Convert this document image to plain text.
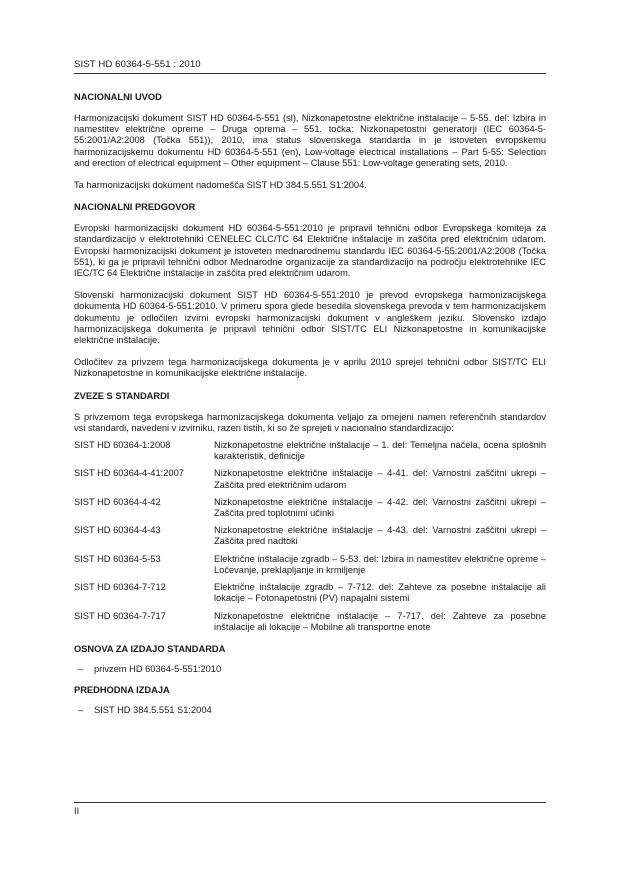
SIST HD 60364-5-551 : 2010
NACIONALNI UVOD

Harmonizacijski dokument SIST HD 60364-5-551 (sl), Nizkonapetostne električne inštalacije – 5-55. del: Izbira in namestitev električne opreme – Druga oprema – 551. točka: Nizkonapetostni generatorji (IEC 60364-5-55:2001/A2:2008 (Točka 551)), 2010, ima status slovenskega standarda in je istoveten evropskemu harmonizacijskemu dokumentu HD 60364-5-551 (en), Low-voltage electrical installations – Part 5-55: Selection and erection of electrical equipment – Other equipment – Clause 551: Low-voltage generating sets, 2010.

Ta harmonizacijski dokument nadomešča SIST HD 384.5.551 S1:2004.

NACIONALNI PREDGOVOR

Evropski harmonizacijski dokument HD 60364-5-551:2010 je pripravil tehnični odbor Evropskega komiteja za standardizacijo v elektrotehniki CENELEC CLC/TC 64 Električne inštalacije in zaščita pred električnim udarom. Evropski harmonizacijski dokument je istoveten mednarodnemu standardu IEC 60364-5-55:2001/A2:2008 (Točka 551), ki ga je pripravil tehnični odbor Mednarodne organizacije za standardizacijo na področju elektrotehnike IEC IEC/TC 64 Električne inštalacije in zaščita pred električnim udarom.

Slovenski harmonizacijski dokument SIST HD 60364-5-551:2010 je prevod evropskega harmonizacijskega dokumenta HD 60364-5-551:2010. V primeru spora glede besedila slovenskega prevoda v tem harmonizacijskem dokumentu je odločilen izvirni evropski harmonizacijski dokument v angleškem jeziku. Slovensko izdajo harmonizacijskega dokumenta je pripravil tehnični odbor SIST/TC ELI Nizkonapetostne in komunikacijske električne inštalacije.

Odločitev za privzem tega harmonizacijskega dokumenta je v aprilu 2010 sprejel tehnični odbor SIST/TC ELI Nizkonapetostne in komunikacijske električne inštalacije.

ZVEZE S STANDARDI

S privzemom tega evropskega harmonizacijskega dokumenta veljajo za omejeni namen referenčnih standardov vsi standardi, navedeni v izvirniku, razen tistih, ki so že sprejeti v nacionalno standardizacijo:

SIST HD 60364-1:2008	Nizkonapetostne električne inštalacije – 1. del: Temeljna načela, ocena splošnih karakteristik, definicije
SIST HD 60364-4-41:2007	Nizkonapetostne električne inštalacije – 4-41. del: Varnostni zaščitni ukrepi – Zaščita pred električnim udarom
SIST HD 60364-4-42	Nizkonapetostne električne inštalacije – 4-42. del: Varnostni zaščitni ukrepi – Zaščita pred toplotnimi učinki
SIST HD 60364-4-43	Nizkonapetostne električne inštalacije – 4-43. del: Varnostni zaščitni ukrepi – Zaščita pred nadtoki
SIST HD 60364-5-53	Električne inštalacije zgradb – 5-53. del: Izbira in namestitev električne opreme – Ločevanje, preklapljanje in krmiljenje
SIST HD 60364-7-712	Električne inštalacije zgradb – 7-712. del: Zahteve za posebne inštalacije ali lokacije – Fotonapetostni (PV) napajalni sistemi
SIST HD 60364-7-717	Nizkonapetostne električne inštalacije – 7-717. del: Zahteve za posebne inštalacije ali lokacije – Mobilne ali transportne enote
OSNOVA ZA IZDAJO STANDARDA
–	privzem HD 60364-5-551:2010
PREDHODNA IZDAJA
–	SIST HD 384.5.551 S1:2004
II
